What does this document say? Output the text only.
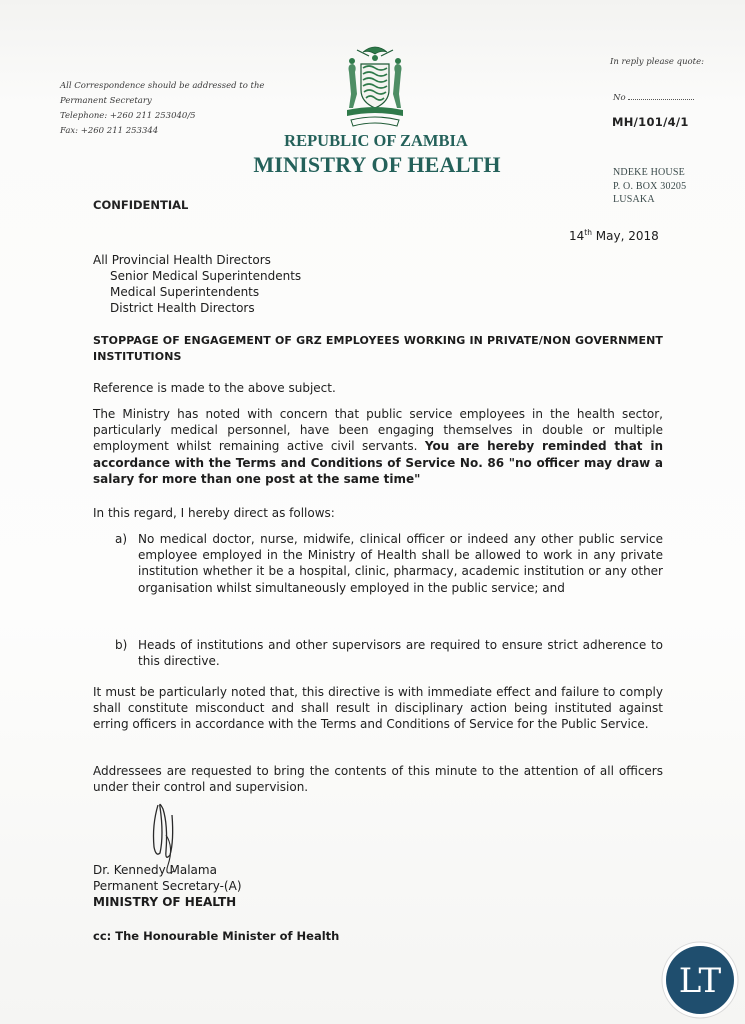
All Correspondence should be addressed to the
Permanent Secretary
Telephone: +260 211 253040/5
Fax: +260 211 253344
In reply please quote:
No
MH/101/4/1
REPUBLIC OF ZAMBIA
MINISTRY OF HEALTH	NDEKE HOUSE
P. O. BOX 30205
LUSAKA
CONFIDENTIAL
14th May, 2018
All Provincial Health Directors
Senior Medical Superintendents
Medical Superintendents
District Health Directors
STOPPAGE OF ENGAGEMENT OF GRZ EMPLOYEES WORKING IN PRIVATE/NON GOVERNMENT INSTITUTIONS
Reference is made to the above subject.
The Ministry has noted with concern that public service employees in the health sector, particularly medical personnel, have been engaging themselves in double or multiple employment whilst remaining active civil servants. You are hereby reminded that in accordance with the Terms and Conditions of Service No. 86 "no officer may draw a salary for more than one post at the same time"
In this regard, I hereby direct as follows:
a) No medical doctor, nurse, midwife, clinical officer or indeed any other public service employee employed in the Ministry of Health shall be allowed to work in any private institution whether it be a hospital, clinic, pharmacy, academic institution or any other organisation whilst simultaneously employed in the public service; and
b) Heads of institutions and other supervisors are required to ensure strict adherence to this directive.
It must be particularly noted that, this directive is with immediate effect and failure to comply shall constitute misconduct and shall result in disciplinary action being instituted against erring officers in accordance with the Terms and Conditions of Service for the Public Service.
Addressees are requested to bring the contents of this minute to the attention of all officers under their control and supervision.
Dr. Kennedy Malama
Permanent Secretary-(A)
MINISTRY OF HEALTH
cc: The Honourable Minister of Health
LT
